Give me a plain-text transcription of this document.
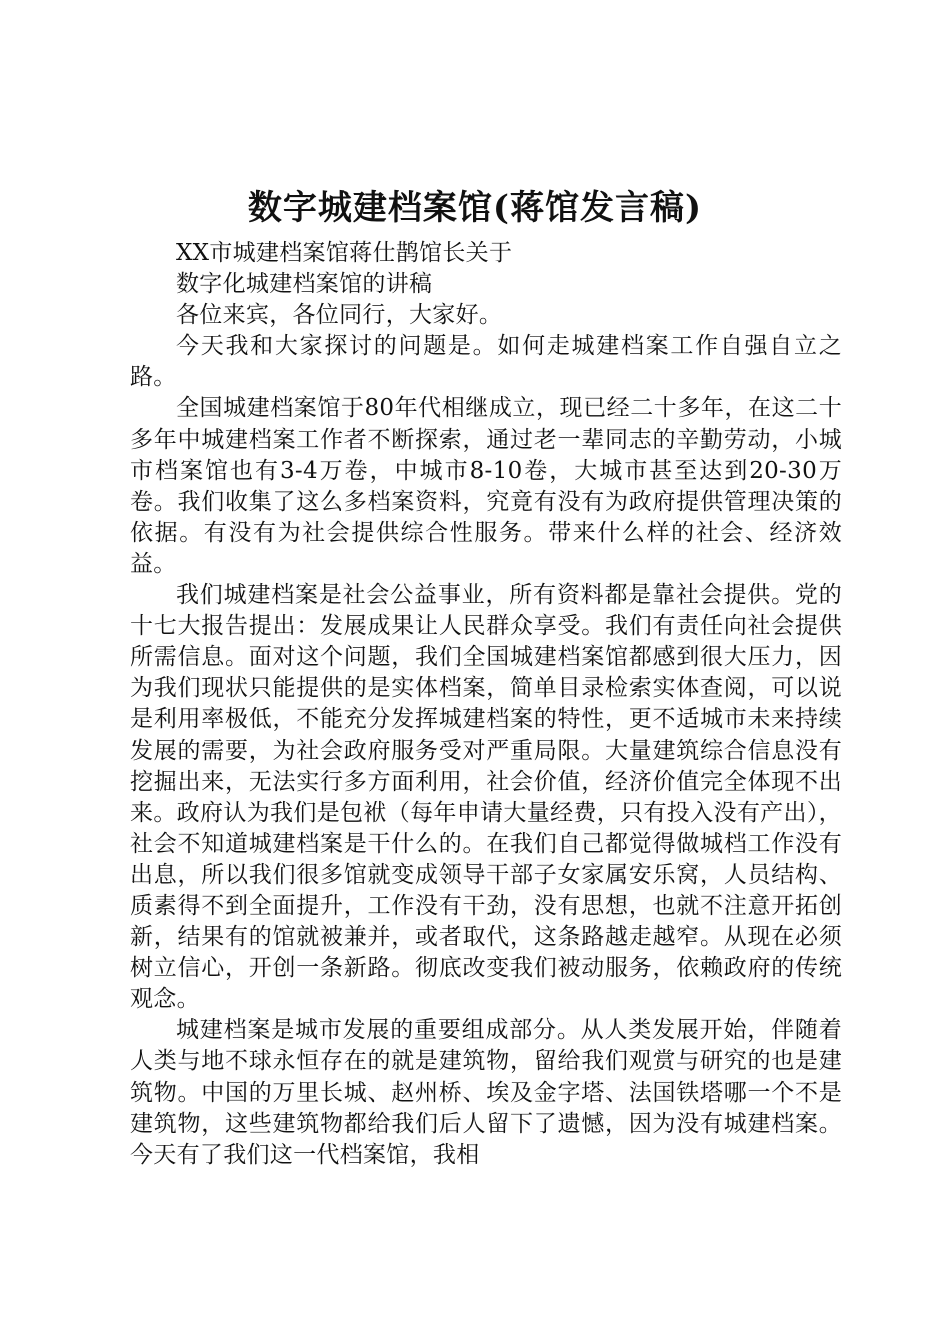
数字城建档案馆(蒋馆发言稿)

XX市城建档案馆蒋仕鹊馆长关于

数字化城建档案馆的讲稿

各位来宾，各位同行，大家好。

今天我和大家探讨的问题是。如何走城建档案工作自强自立之路。

全国城建档案馆于80年代相继成立，现已经二十多年，在这二十多年中城建档案工作者不断探索，通过老一辈同志的辛勤劳动，小城市档案馆也有3-4万卷，中城市8-10卷，大城市甚至达到20-30万卷。我们收集了这么多档案资料，究竟有没有为政府提供管理决策的依据。有没有为社会提供综合性服务。带来什么样的社会、经济效益。

我们城建档案是社会公益事业，所有资料都是靠社会提供。党的十七大报告提出：发展成果让人民群众享受。我们有责任向社会提供所需信息。面对这个问题，我们全国城建档案馆都感到很大压力，因为我们现状只能提供的是实体档案，简单目录检索实体查阅，可以说是利用率极低，不能充分发挥城建档案的特性，更不适城市未来持续发展的需要，为社会政府服务受对严重局限。大量建筑综合信息没有挖掘出来，无法实行多方面利用，社会价值，经济价值完全体现不出来。政府认为我们是包袱（每年申请大量经费，只有投入没有产出），社会不知道城建档案是干什么的。在我们自己都觉得做城档工作没有出息，所以我们很多馆就变成领导干部子女家属安乐窝，人员结构、质素得不到全面提升，工作没有干劲，没有思想，也就不注意开拓创新，结果有的馆就被兼并，或者取代，这条路越走越窄。从现在必须树立信心，开创一条新路。彻底改变我们被动服务，依赖政府的传统观念。

城建档案是城市发展的重要组成部分。从人类发展开始，伴随着人类与地不球永恒存在的就是建筑物，留给我们观赏与研究的也是建筑物。中国的万里长城、赵州桥、埃及金字塔、法国铁塔哪一个不是建筑物，这些建筑物都给我们后人留下了遗憾，因为没有城建档案。今天有了我们这一代档案馆，我相
